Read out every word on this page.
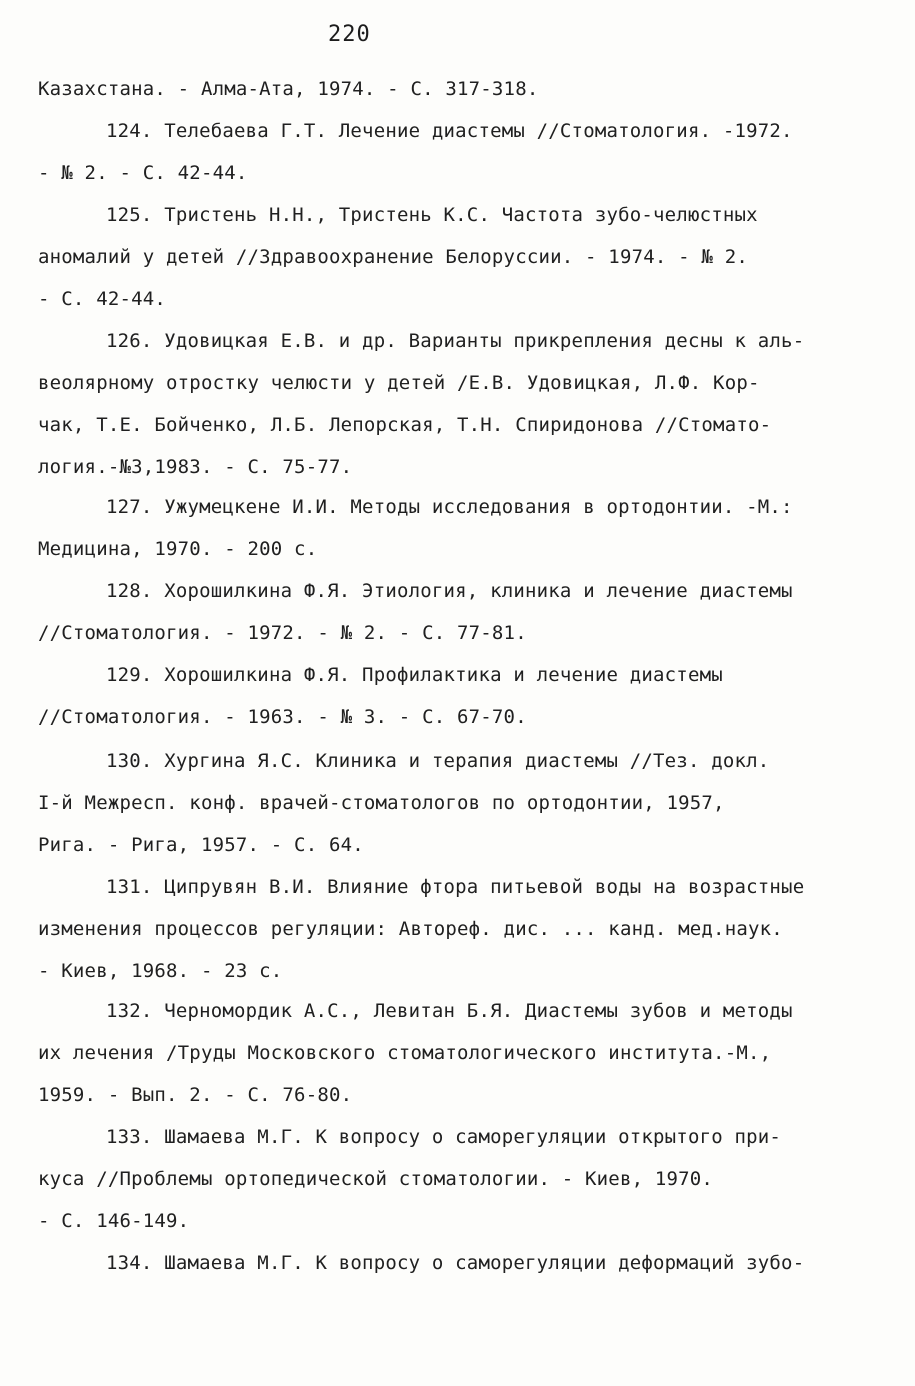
220
Казахстана. - Алма-Ата, 1974. - С. 317-318.
124. Телебаева Г.Т. Лечение диастемы //Стоматология. -1972.
- № 2. - С. 42-44.
125. Тристень Н.Н., Тристень К.С. Частота зубо-челюстных
аномалий у детей //Здравоохранение Белоруссии. - 1974. - № 2.
- С. 42-44.
126. Удовицкая Е.В. и др. Варианты прикрепления десны к аль-
веолярному отростку челюсти у детей /Е.В. Удовицкая, Л.Ф. Кор-
чак, Т.Е. Бойченко, Л.Б. Лепорская, Т.Н. Спиридонова //Стомато-
логия.-№3,1983. - С. 75-77.
127. Ужумецкене И.И. Методы исследования в ортодонтии. -М.:
Медицина, 1970. - 200 с.
128. Хорошилкина Ф.Я. Этиология, клиника и лечение диастемы
//Стоматология. - 1972. - № 2. - С. 77-81.
129. Хорошилкина Ф.Я. Профилактика и лечение диастемы
//Стоматология. - 1963. - № 3. - С. 67-70.
130. Хургина Я.С. Клиника и терапия диастемы //Тез. докл.
I-й Межресп. конф. врачей-стоматологов по ортодонтии, 1957,
Рига. - Рига, 1957. - С. 64.
131. Ципрувян В.И. Влияние фтора питьевой воды на возрастные
изменения процессов регуляции: Автореф. дис. ... канд. мед.наук.
- Киев, 1968. - 23 с.
132. Черномордик А.С., Левитан Б.Я. Диастемы зубов и методы
их лечения /Труды Московского стоматологического института.-М.,
1959. - Вып. 2. - С. 76-80.
133. Шамаева М.Г. К вопросу о саморегуляции открытого при-
куса //Проблемы ортопедической стоматологии. - Киев, 1970.
- С. 146-149.
134. Шамаева М.Г. К вопросу о саморегуляции деформаций зубо-
